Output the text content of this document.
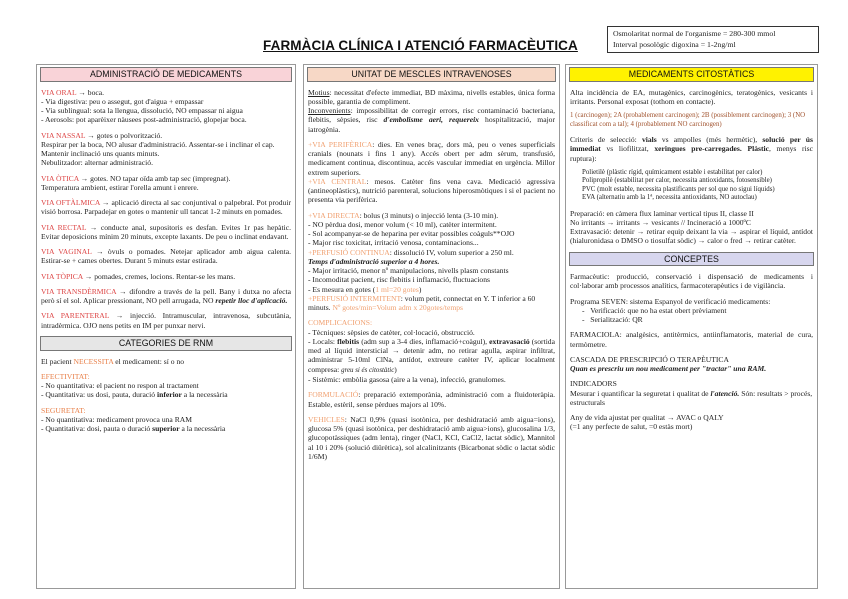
FARMÀCIA CLÍNICA I ATENCIÓ FARMACÈUTICA
Osmolaritat normal de l'organisme = 280-300 mmol
Interval posològic digoxina = 1-2ng/ml
ADMINISTRACIÓ DE MEDICAMENTS

VIA ORAL → boca.
- Via digestiva: peu o assegut, got d'aigua + empassar
- Via sublingual: sota la llengua, dissolució, NO empassar ni aigua
- Aerosols: pot aparèixer nàusees post-administració, glopejar boca.

VIA NASSAL → gotes o polvorització.
Respirar per la boca, NO alusar d'administració. Assentar-se i inclinar el cap. Mantenir inclinació uns quants minuts.
Nebulitzador: alternar administració.

VIA ÒTICA → gotes. NO tapar oïda amb tap sec (impregnat).
Temperatura ambient, estirar l'orella amunt i enrere.

VIA OFTÀLMICA → aplicació directa al sac conjuntival o palpebral. Pot produir visió borrosa. Parpadejar en gotes o mantenir ull tancat 1-2 minuts en pomades.

VIA RECTAL → conducte anal, supositoris es desfan. Evites 1r pas hepàtic. Evitar deposicions mínim 20 minuts, excepte laxants. De peu o inclinat endavant.

VIA VAGINAL → òvuls o pomades. Netejar aplicador amb aigua calenta. Estirar-se + cames obertes. Durant 5 minuts estar estirada.

VIA TÒPICA → pomades, cremes, locions. Rentar-se les mans.

VIA TRANSDÈRMICA → difondre a través de la pell. Bany i dutxa no afecta però sí el sol. Aplicar pressionant, NO pell arrugada, NO repetir lloc d'aplicació.

VIA PARENTERAL → injecció. Intramuscular, intravenosa, subcutània, intradèrmica. OJO nens petits en IM per punxar nervi.

CATEGORIES DE RNM

El pacient NECESSITA el medicament: sí o no

EFECTIVITAT:
- No quantitativa: el pacient no respon al tractament
- Quantitativa: us dosi, pauta, duració inferior a la necessària

SEGURETAT:
- No quantitativa: medicament provoca una RAM
- Quantitativa: dosi, pauta o duració superior a la necessària

UNITAT DE MESCLES INTRAVENOSES

Motius: necessitat d'efecte immediat, BD màxima, nivells estables, única forma possible, garantia de compliment.
Inconvenients: impossibilitat de corregir errors, risc contaminació bacteriana, flebitis, sèpsies, risc d'embolisme aeri, requereix hospitalització, major iatrogènia.

+VIA PERIFÈRICA: dies. En venes braç, dors mà, peu o venes superficials cranials (nounats i fins 1 any). Accés obert per adm sèrum, transfusió, medicament continua, discontinua, accés vascular immediat en urgència. Millor extrem superiors.
+VIA CENTRAL: mesos. Catèter fins vena cava. Medicació agressiva (antineoplàstics), nutrició parenteral, solucions hiperosmòtiques i si el pacient no presenta via perifèrica.

+VIA DIRECTA: bolus (3 minuts) o injecció lenta (3-10 min).
- NO pèrdua dosi, menor volum (< 10 ml), catèter intermitent.
- Sol acompanyar-se de heparina per evitar possibles coàguls**OJO
- Major risc toxicitat, irritació venosa, contaminacions...
+PERFUSIÓ CONTINUA: dissolució IV, volum superior a 250 ml.
Temps d'administració superior a 4 hores.
- Major irritació, menor nº manipulacions, nivells plasm constants
- Incomoditat pacient, risc flebitis i inflamació, fluctuacions
- Es mesura en gotes (1 ml=20 gotes)
+PERFUSIÓ INTERMITENT: volum petit, connectat en Y. T inferior a 60 minuts. Nº gotes/min=Volum adm x 20gotes/temps

COMPLICACIONS:
- Tècniques: sèpsies de catèter, col·locació, obstrucció.
- Locals: flebitis (adm sup a 3-4 dies, inflamació+coàgul), extravasació (sortida med al líquid intersticial → detenir adm, no retirar agulla, aspirar infiltrat, administrar 5-10ml ClNa, antídot, extreure catèter IV, aplicar localment compresa: greu si és citostàtic)
- Sistèmic: embòlia gasosa (aire a la vena), infecció, granulomes.

FORMULACIÓ: preparació extemporània, administració com a fluidoteràpia. Estable, estèril, sense pèrdues majors al 10%.

VEHICLES: NaCl 0,9% (quasi isotònica, per deshidratació amb aigua=ions), glucosa 5% (quasi isotònica, per deshidratació amb aigua>ions), glucosalina 1/3, glucopotàssiques (adm lenta), ringer (NaCl, KCl, CaCl2, lactat sòdic), Mannitol al 10 i 20% (solució diürètica), sol alcalinitzants (Bicarbonat sòdic o lactat sòdic 1/6M)

MEDICAMENTS CITOSTÀTICS

Alta incidència de EA, mutagènics, carcinogènics, teratogènics, vesicants i irritants. Personal exposat (tothom en contacte).

1 (carcinogen); 2A (probablement carcinogen); 2B (possiblement carcinogen); 3 (NO classificat com a tal); 4 (probablement NO carcinogen)

Criteris de selecció: vials vs ampolles (més hermètic), solució per ús immediat vs liofilitzat, xeringues pre-carregades. Plàstic, menys risc ruptura):

Polietilè (plàstic rígid, químicament estable i estabilitat per calor)
Polipropilè (estabilitat per calor, necessita antioxidants, fotosensible)
PVC (molt estable, necessita plastificants per sol que no sigui líquids)
EVA (alternatiu amb la 1ª, necessita antioxidants, NO autoclau)

Preparació: en càmera flux laminar vertical tipus II, classe II
No irritants → irritants → vesicants // Incineració a 1000ºC
Extravasació: detenir → retirar equip deixant la via → aspirar el líquid, antídot (hialuronidasa o DMSO o tiosulfat sòdic) → calor o fred → retirar catèter.

CONCEPTES

Farmacèutic: producció, conservació i dispensació de medicaments i col·laborar amb processos analítics, farmacoterapèutics i de vigilància.

Programa SEVEN: sistema Espanyol de verificació medicaments:
-   Verificació: que no ha estat obert prèviament
-   Serialització: QR

FARMACIOLA: analgèsics, antitèrmics, antiinflamatoris, material de cura, termòmetre.

CASCADA DE PRESCRIPCIÓ O TERAPÈUTICA
Quan es prescriu un nou medicament per "tractar" una RAM.

INDICADORS
Mesurar i quantificar la seguretat i qualitat de l'atenció. Són: resultats > procés, estructurals

Any de vida ajustat per qualitat → AVAC o QALY
(=1 any perfecte de salut, =0 estàs mort)
